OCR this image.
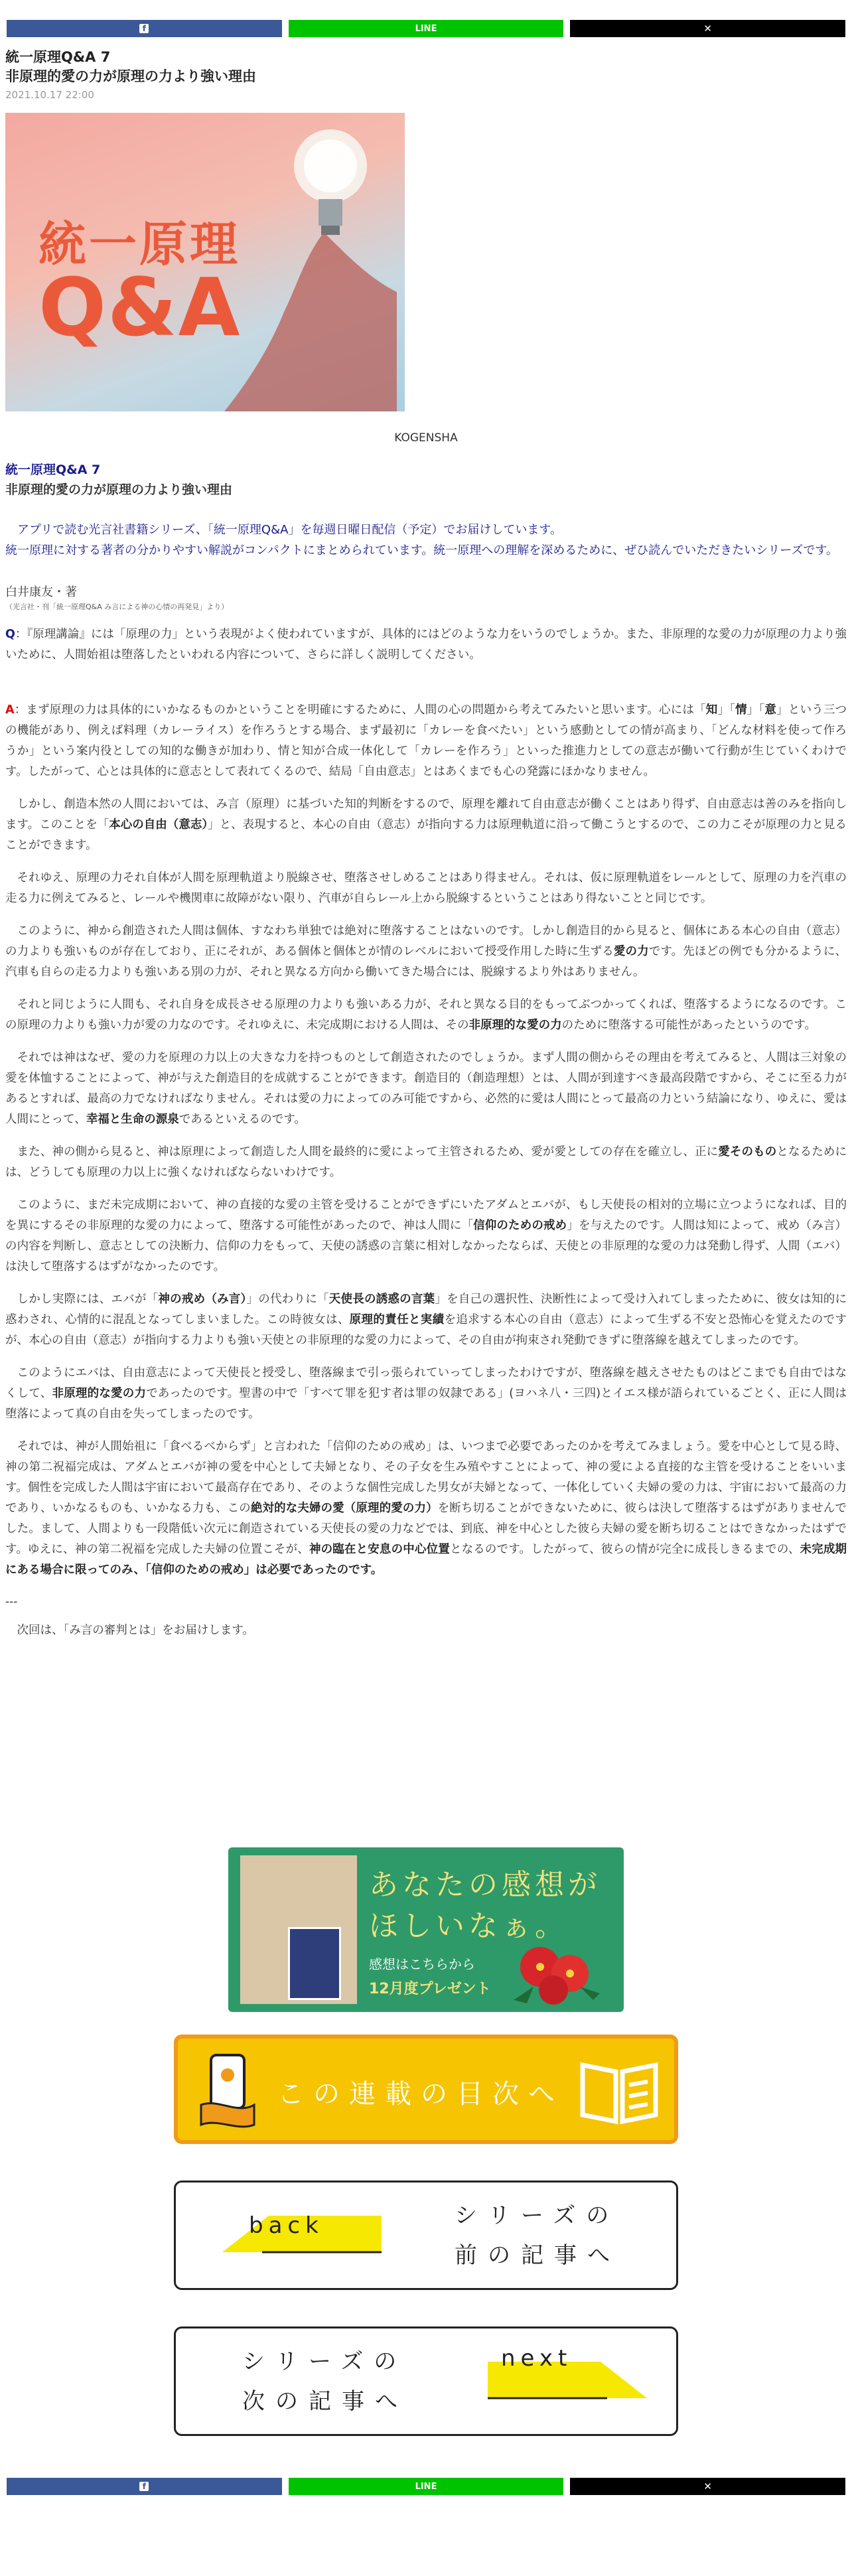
f	LINE	✕
統一原理Q&A 7
非原理的愛の力が原理の力より強い理由
2021.10.17 22:00
統一原理
Q&A
KOGENSHA
統一原理Q&A 7
非原理的愛の力が原理の力より強い理由
アプリで読む光言社書籍シリーズ、「統一原理Q&A」を毎週日曜日配信（予定）でお届けしています。
統一原理に対する著者の分かりやすい解説がコンパクトにまとめられています。統一原理への理解を深めるために、ぜひ読んでいただきたいシリーズです。
白井康友・著
（光言社・刊「統一原理Q&A み言による神の心情の再発見」より）

Q：『原理講論』には「原理の力」という表現がよく使われていますが、具体的にはどのような力をいうのでしょうか。また、非原理的な愛の力が原理の力より強いために、人間始祖は堕落したといわれる内容について、さらに詳しく説明してください。

A：まず原理の力は具体的にいかなるものかということを明確にするために、人間の心の問題から考えてみたいと思います。心には「知」「情」「意」という三つの機能があり、例えば料理（カレーライス）を作ろうとする場合、まず最初に「カレーを食べたい」という感動としての情が高まり、「どんな材料を使って作ろうか」という案内役としての知的な働きが加わり、情と知が合成一体化して「カレーを作ろう」といった推進力としての意志が働いて行動が生じていくわけです。したがって、心とは具体的に意志として表れてくるので、結局「自由意志」とはあくまでも心の発露にほかなりません。

しかし、創造本然の人間においては、み言（原理）に基づいた知的判断をするので、原理を離れて自由意志が働くことはあり得ず、自由意志は善のみを指向します。このことを「本心の自由（意志）」と、表現すると、本心の自由（意志）が指向する力は原理軌道に沿って働こうとするので、この力こそが原理の力と見ることができます。

それゆえ、原理の力それ自体が人間を原理軌道より脱線させ、堕落させしめることはあり得ません。それは、仮に原理軌道をレールとして、原理の力を汽車の走る力に例えてみると、レールや機関車に故障がない限り、汽車が自らレール上から脱線するということはあり得ないことと同じです。

このように、神から創造された人間は個体、すなわち単独では絶対に堕落することはないのです。しかし創造目的から見ると、個体にある本心の自由（意志）の力よりも強いものが存在しており、正にそれが、ある個体と個体とが情のレベルにおいて授受作用した時に生ずる愛の力です。先ほどの例でも分かるように、汽車も自らの走る力よりも強いある別の力が、それと異なる方向から働いてきた場合には、脱線するより外はありません。

それと同じように人間も、それ自身を成長させる原理の力よりも強いある力が、それと異なる目的をもってぶつかってくれば、堕落するようになるのです。この原理の力よりも強い力が愛の力なのです。それゆえに、未完成期における人間は、その非原理的な愛の力のために堕落する可能性があったというのです。

それでは神はなぜ、愛の力を原理の力以上の大きな力を持つものとして創造されたのでしょうか。まず人間の側からその理由を考えてみると、人間は三対象の愛を体恤することによって、神が与えた創造目的を成就することができます。創造目的（創造理想）とは、人間が到達すべき最高段階ですから、そこに至る力があるとすれば、最高の力でなければなりません。それは愛の力によってのみ可能ですから、必然的に愛は人間にとって最高の力という結論になり、ゆえに、愛は人間にとって、幸福と生命の源泉であるといえるのです。

また、神の側から見ると、神は原理によって創造した人間を最終的に愛によって主管されるため、愛が愛としての存在を確立し、正に愛そのものとなるためには、どうしても原理の力以上に強くなければならないわけです。

このように、まだ未完成期において、神の直接的な愛の主管を受けることができずにいたアダムとエバが、もし天使長の相対的立場に立つようになれば、目的を異にするその非原理的な愛の力によって、堕落する可能性があったので、神は人間に「信仰のための戒め」を与えたのです。人間は知によって、戒め（み言）の内容を判断し、意志としての決断力、信仰の力をもって、天使の誘惑の言葉に相対しなかったならば、天使との非原理的な愛の力は発動し得ず、人間（エバ）は決して堕落するはずがなかったのです。

しかし実際には、エバが「神の戒め（み言）」の代わりに「天使長の誘惑の言葉」を自己の選択性、決断性によって受け入れてしまったために、彼女は知的に惑わされ、心情的に混乱となってしまいました。この時彼女は、原理的責任と実績を追求する本心の自由（意志）によって生ずる不安と恐怖心を覚えたのですが、本心の自由（意志）が指向する力よりも強い天使との非原理的な愛の力によって、その自由が拘束され発動できずに堕落線を越えてしまったのです。

このようにエバは、自由意志によって天使長と授受し、堕落線まで引っ張られていってしまったわけですが、堕落線を越えさせたものはどこまでも自由ではなくして、非原理的な愛の力であったのです。聖書の中で「すべて罪を犯す者は罪の奴隷である」(ヨハネ八・三四)とイエス様が語られているごとく、正に人間は堕落によって真の自由を失ってしまったのです。

それでは、神が人間始祖に「食べるべからず」と言われた「信仰のための戒め」は、いつまで必要であったのかを考えてみましょう。愛を中心として見る時、神の第二祝福完成は、アダムとエバが神の愛を中心として夫婦となり、その子女を生み殖やすことによって、神の愛による直接的な主管を受けることをいいます。個性を完成した人間は宇宙において最高存在であり、そのような個性完成した男女が夫婦となって、一体化していく夫婦の愛の力は、宇宙において最高の力であり、いかなるものも、いかなる力も、この絶対的な夫婦の愛（原理的愛の力）を断ち切ることができないために、彼らは決して堕落するはずがありませんでした。まして、人間よりも一段階低い次元に創造されている天使長の愛の力などでは、到底、神を中心とした彼ら夫婦の愛を断ち切ることはできなかったはずです。ゆえに、神の第二祝福を完成した夫婦の位置こそが、神の臨在と安息の中心位置となるのです。したがって、彼らの情が完全に成長しきるまでの、未完成期にある場合に限ってのみ、「信仰のための戒め」は必要であったのです。

---

次回は、「み言の審判とは」をお届けします。

あなたの感想が
ほしいなぁ。
感想はこちらから
12月度プレゼント
この連載の目次へ
back	シリーズの
前の記事へ
シリーズの
次の記事へ
next
f	LINE	✕
